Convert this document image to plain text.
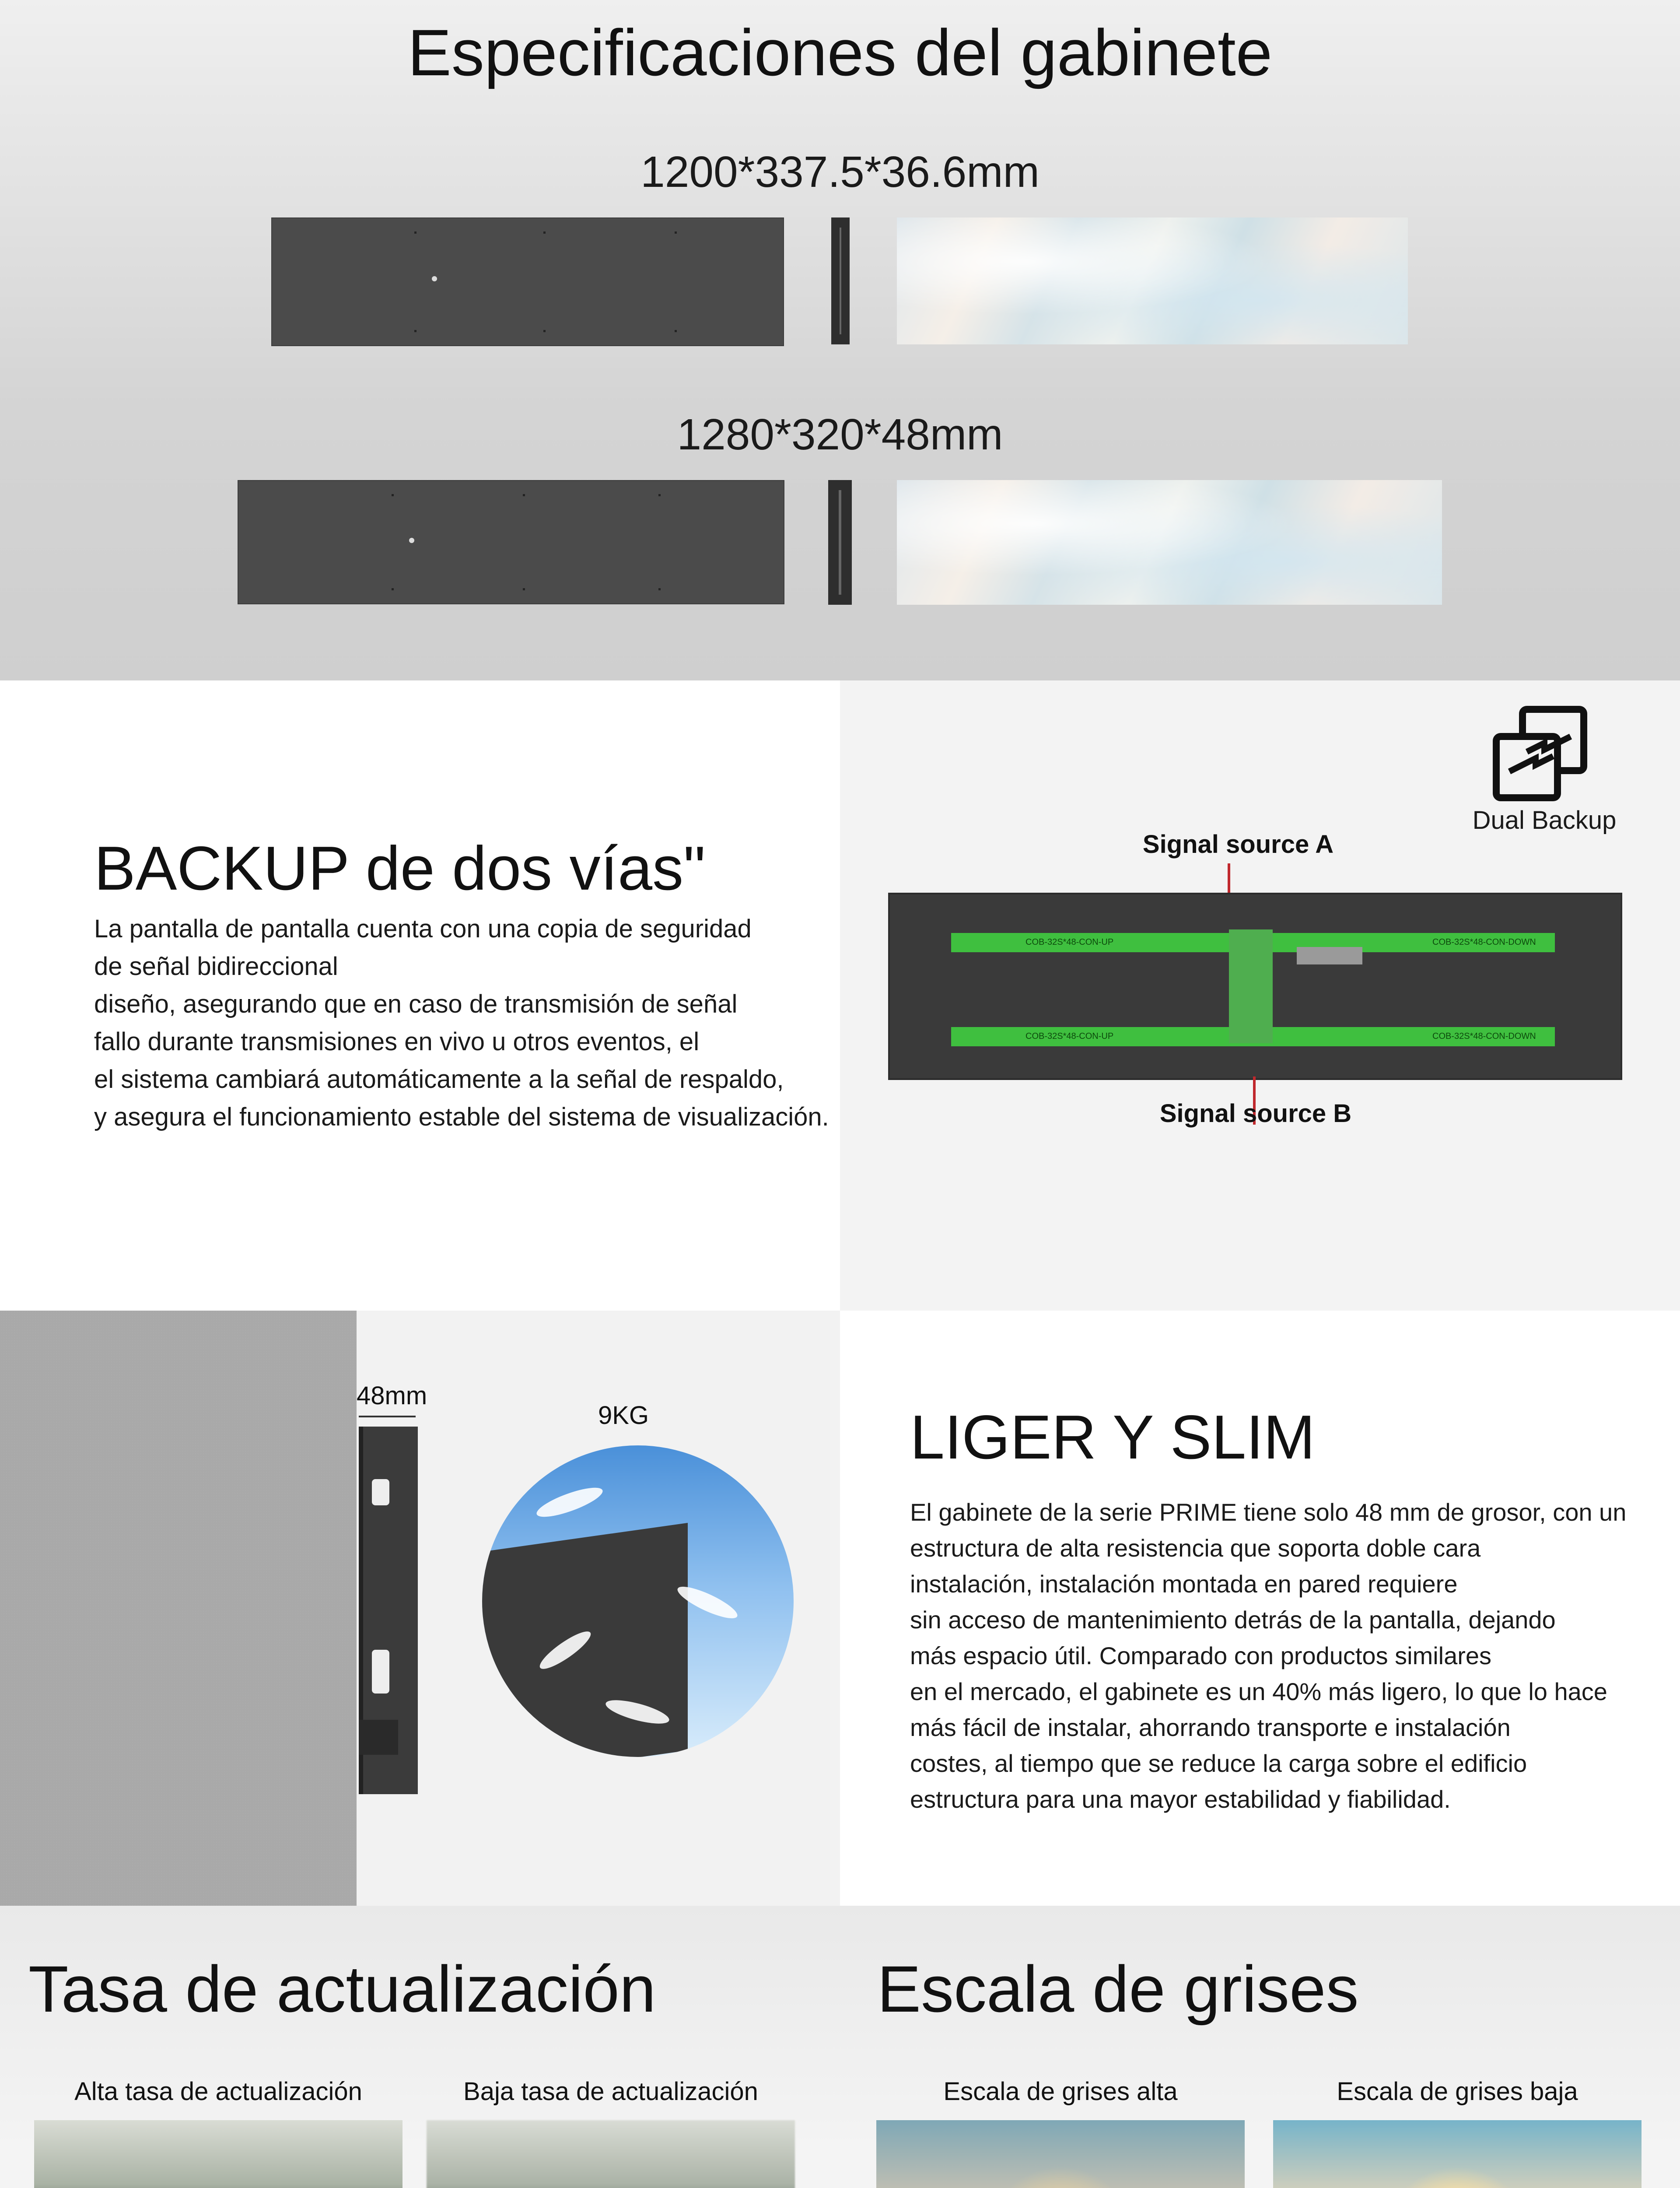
Especificaciones del gabinete
1200*337.5*36.6mm
1280*320*48mm
BACKUP de dos vías"
La pantalla de pantalla cuenta con una copia de seguridad
de señal bidireccional
diseño, asegurando que en caso de transmisión de señal
fallo durante transmisiones en vivo u otros eventos, el
el sistema cambiará automáticamente a la señal de respaldo,
y asegura el funcionamiento estable del sistema de visualización.
Dual Backup
Signal source A
COB-32S*48-CON-UP	COB-32S*48-CON-DOWN
COB-32S*48-CON-UP	COB-32S*48-CON-DOWN
Signal source B
48mm
9KG	LIGER Y SLIM
El gabinete de la serie PRIME tiene solo 48 mm de grosor, con un
estructura de alta resistencia que soporta doble cara
instalación, instalación montada en pared requiere
sin acceso de mantenimiento detrás de la pantalla, dejando
más espacio útil. Comparado con productos similares
en el mercado, el gabinete es un 40% más ligero, lo que lo hace
más fácil de instalar, ahorrando transporte e instalación
costes, al tiempo que se reduce la carga sobre el edificio
estructura para una mayor estabilidad y fiabilidad.
Tasa de actualización	Escala de grises
Alta tasa de actualización	Baja tasa de actualización	Escala de grises alta	Escala de grises baja
